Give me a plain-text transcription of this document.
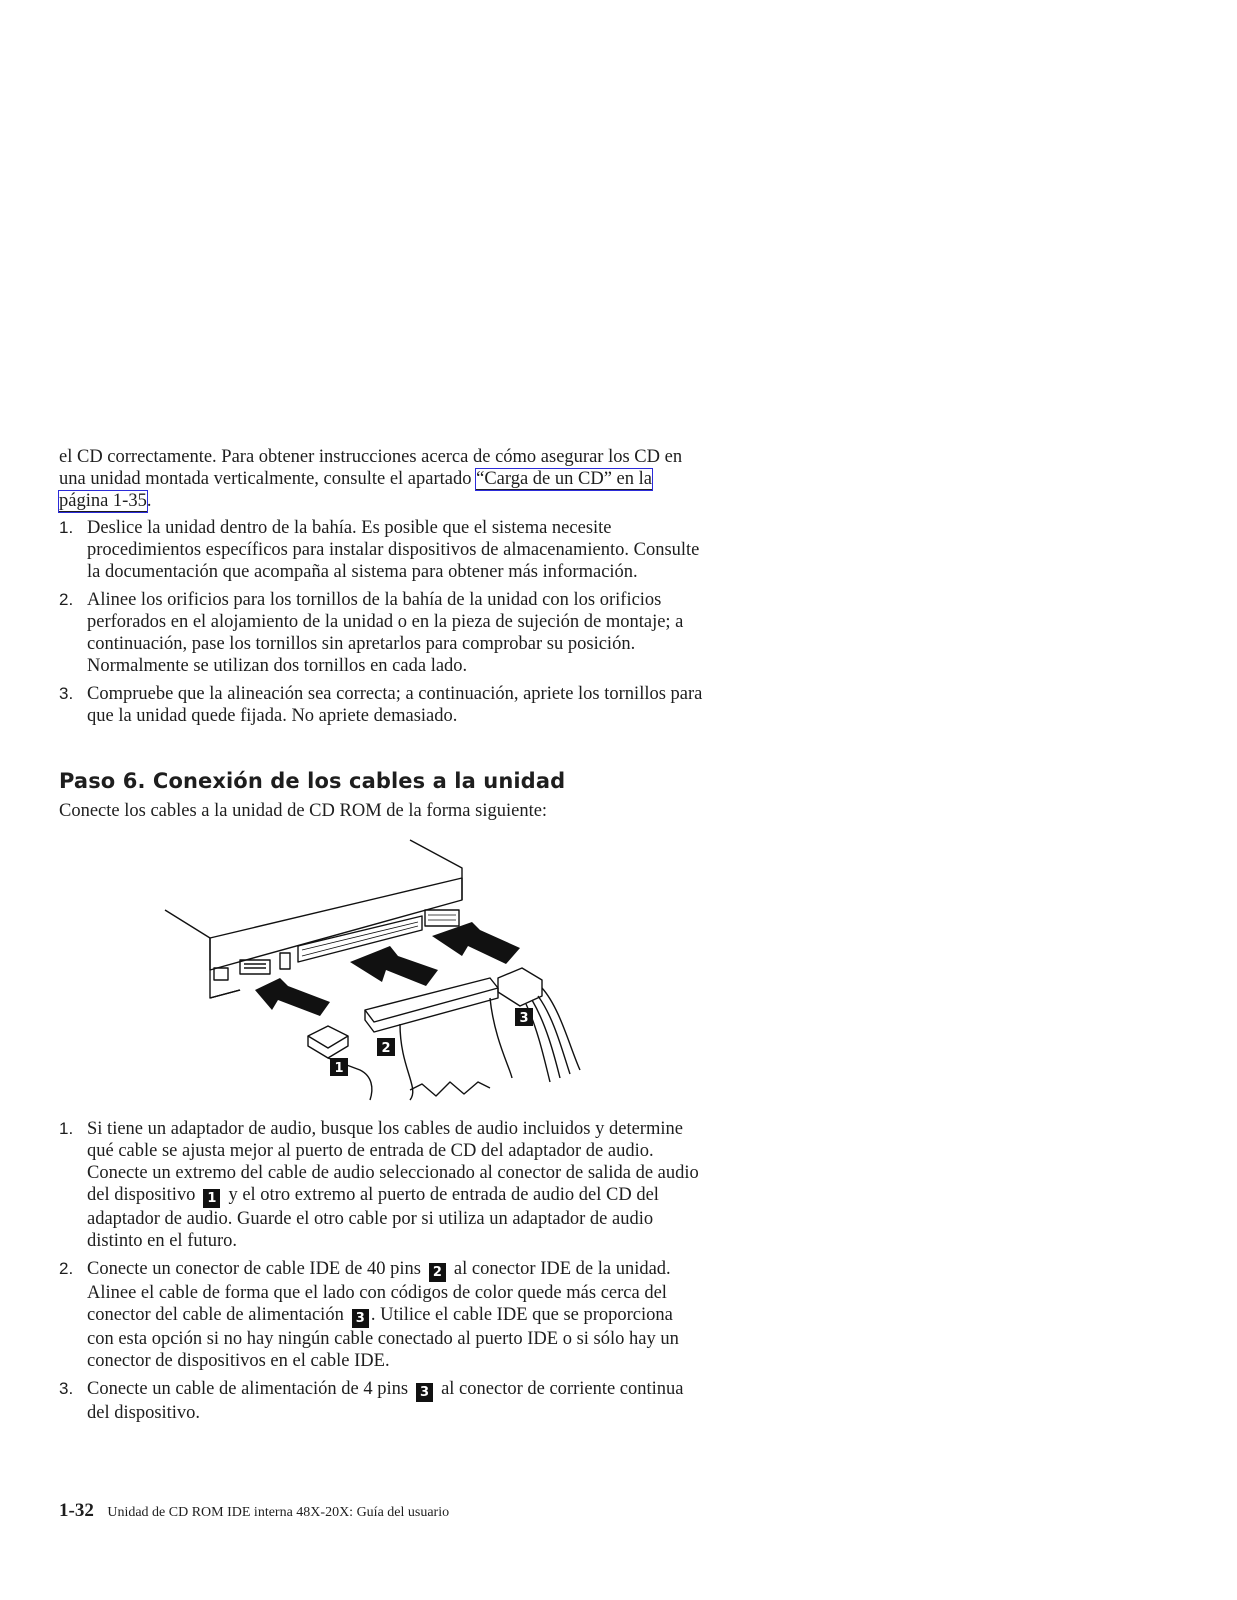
el CD correctamente. Para obtener instrucciones acerca de cómo asegurar los CD en una unidad montada verticalmente, consulte el apartado “Carga de un CD” en la página 1-35.

1. Deslice la unidad dentro de la bahía. Es posible que el sistema necesite procedimientos específicos para instalar dispositivos de almacenamiento. Consulte la documentación que acompaña al sistema para obtener más información.
2. Alinee los orificios para los tornillos de la bahía de la unidad con los orificios perforados en el alojamiento de la unidad o en la pieza de sujeción de montaje; a continuación, pase los tornillos sin apretarlos para comprobar su posición. Normalmente se utilizan dos tornillos en cada lado.
3. Compruebe que la alineación sea correcta; a continuación, apriete los tornillos para que la unidad quede fijada. No apriete demasiado.
Paso 6. Conexión de los cables a la unidad

Conecte los cables a la unidad de CD ROM de la forma siguiente:

1
2
3
1. Si tiene un adaptador de audio, busque los cables de audio incluidos y determine qué cable se ajusta mejor al puerto de entrada de CD del adaptador de audio. Conecte un extremo del cable de audio seleccionado al conector de salida de audio del dispositivo 1 y el otro extremo al puerto de entrada de audio del CD del adaptador de audio. Guarde el otro cable por si utiliza un adaptador de audio distinto en el futuro.
2. Conecte un conector de cable IDE de 40 pins 2 al conector IDE de la unidad. Alinee el cable de forma que el lado con códigos de color quede más cerca del conector del cable de alimentación 3 . Utilice el cable IDE que se proporciona con esta opción si no hay ningún cable conectado al puerto IDE o si sólo hay un conector de dispositivos en el cable IDE.
3. Conecte un cable de alimentación de 4 pins 3 al conector de corriente continua del dispositivo.
1-32 Unidad de CD ROM IDE interna 48X-20X: Guía del usuario
